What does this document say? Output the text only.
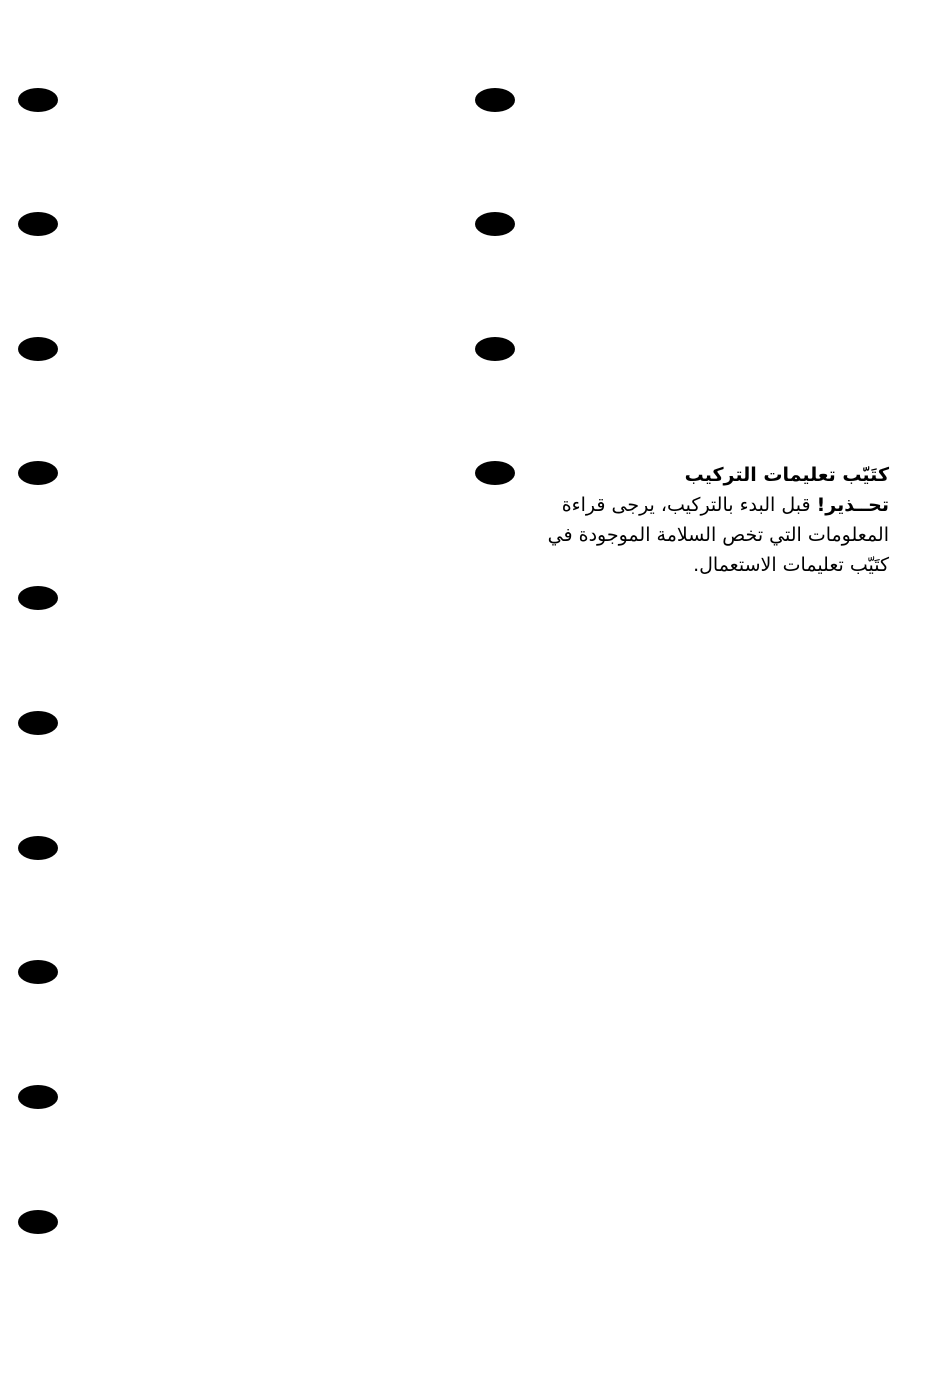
كتَيّب تعليمات التركيب
تحــذير! قبل البدء بالتركيب، يرجى قراءة
المعلومات التي تخص السلامة الموجودة في
كتَيّب تعليمات الاستعمال.
